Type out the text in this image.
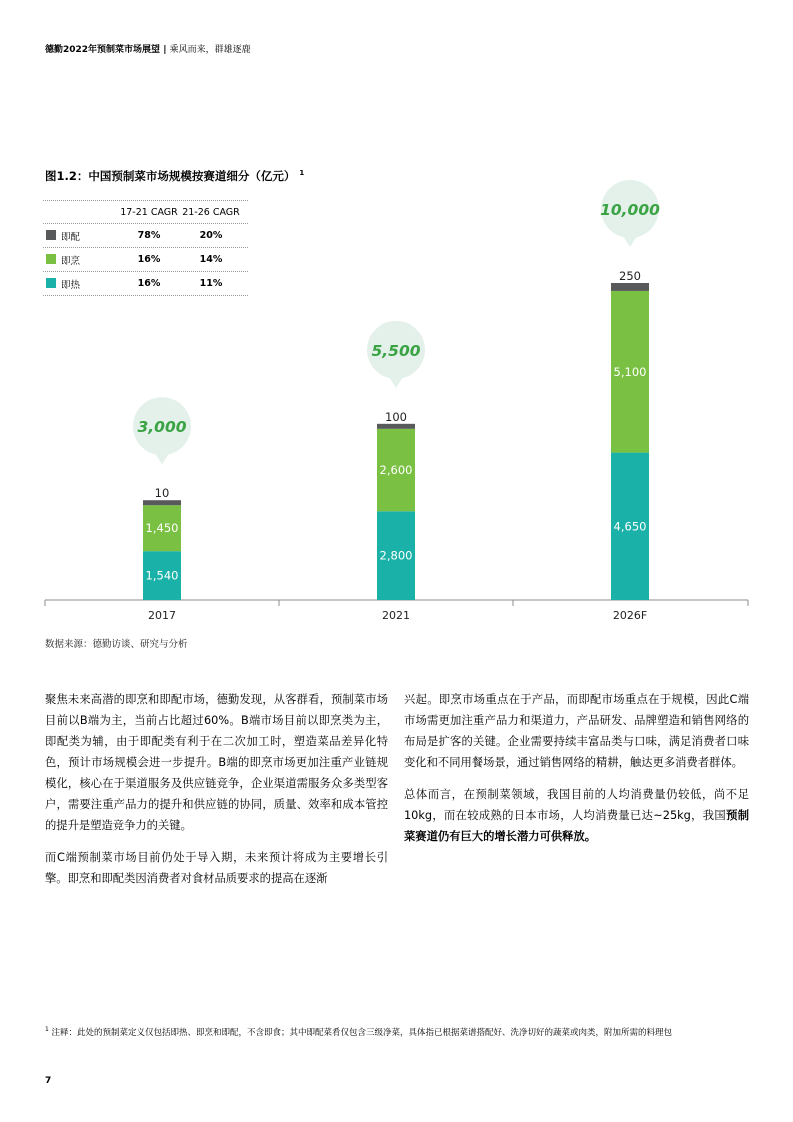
德勤2022年预制菜市场展望 | 乘风而来，群雄逐鹿
图1.2：中国预制菜市场规模按赛道细分（亿元） $^1$
17-21 CAGR 21-26 CAGR
即配	78%	20%
即烹	16%	14%
即热	16%	11%
1,540
1,450
10
3,000
2017
2,800
2,600
100
5,500
2021
4,650
5,100
250
10,000
2026F
数据来源：德勤访谈、研究与分析

聚焦未来高潜的即烹和即配市场，德勤发现，从客群看，预制菜市场目前以B端为主，当前占比超过60%。B端市场目前以即烹类为主，即配类为辅，由于即配类有利于在二次加工时，塑造菜品差异化特色，预计市场规模会进一步提升。B端的即烹市场更加注重产业链规模化，核心在于渠道服务及供应链竞争，企业渠道需服务众多类型客户，需要注重产品力的提升和供应链的协同，质量、效率和成本管控的提升是塑造竞争力的关键。

而C端预制菜市场目前仍处于导入期，未来预计将成为主要增长引擎。即烹和即配类因消费者对食材品质要求的提高在逐渐

兴起。即烹市场重点在于产品，而即配市场重点在于规模，因此C端市场需更加注重产品力和渠道力，产品研发、品牌塑造和销售网络的布局是扩客的关键。企业需要持续丰富品类与口味，满足消费者口味变化和不同用餐场景，通过销售网络的精耕，触达更多消费者群体。

总体而言，在预制菜领域，我国目前的人均消费量仍较低，尚不足10kg，而在较成熟的日本市场，人均消费量已达~25kg，我国预制菜赛道仍有巨大的增长潜力可供释放。

$^1$ 注释：此处的预制菜定义仅包括即热、即烹和即配，不含即食；其中即配菜肴仅包含三级净菜，具体指已根据菜谱搭配好、洗净切好的蔬菜或肉类，附加所需的料理包
7
